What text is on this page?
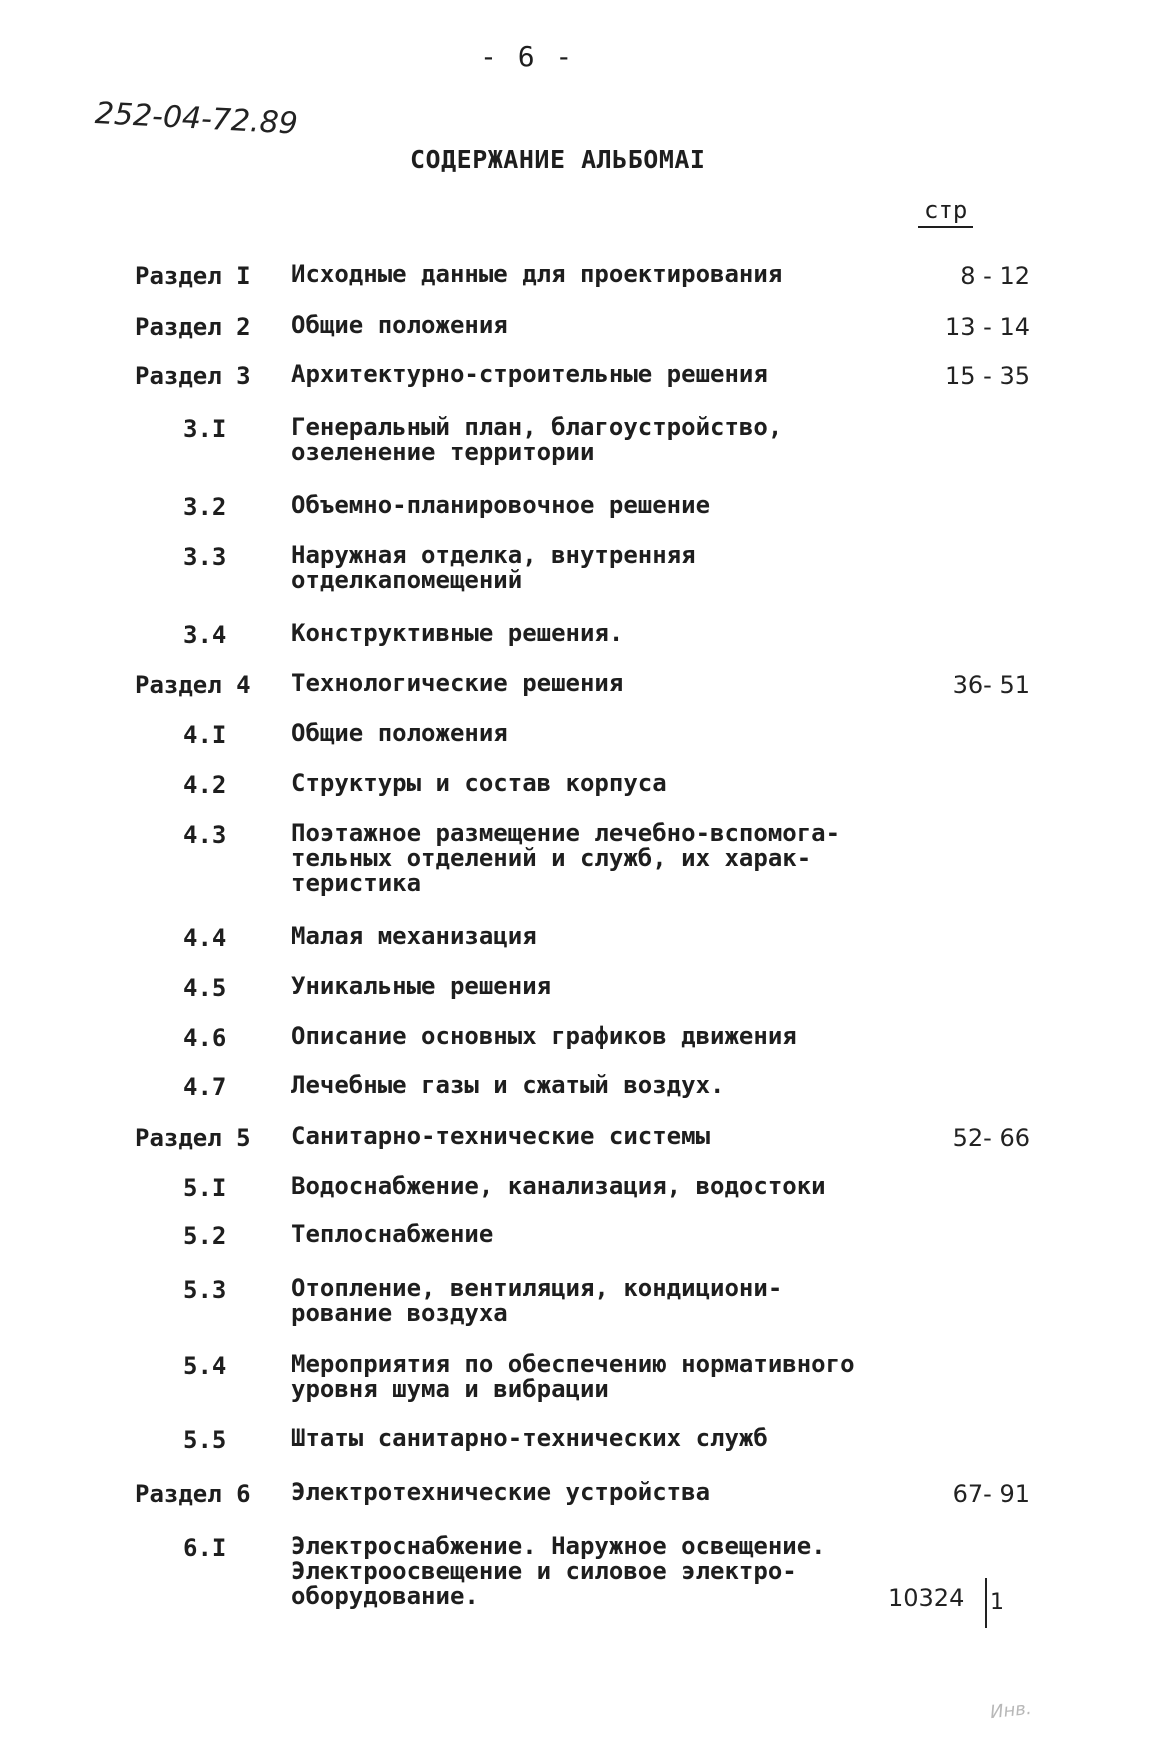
- 6 -
252-04-72.89
СОДЕРЖАНИЕ АЛЬБОМАI
стр
Раздел I Исходные данные для проектирования	8 - 12
Раздел 2 Общие положения	13 - 14
Раздел 3 Архитектурно-строительные решения	15 - 35
3.I	Генеральный план, благоустройство,
озеленение территории
3.2	Объемно-планировочное решение
3.3	Наружная отделка, внутренняя
отделкапомещений
3.4	Конструктивные решения.
Раздел 4 Технологические решения	36- 51
4.I	Общие положения
4.2	Структуры и состав корпуса
4.3	Поэтажное размещение лечебно-вспомога-
тельных отделений и служб, их харак-
теристика
4.4	Малая механизация
4.5	Уникальные решения
4.6	Описание основных графиков движения
4.7	Лечебные газы и сжатый воздух.
Раздел 5 Санитарно-технические системы	52- 66
5.I	Водоснабжение, канализация, водостоки
5.2	Теплоснабжение
5.3	Отопление, вентиляция, кондициони-
рование воздуха
5.4	Мероприятия по обеспечению нормативного
уровня шума и вибрации
5.5	Штаты санитарно-технических служб
Раздел 6 Электротехнические устройства	67- 91
6.I	Электроснабжение. Наружное освещение.
Электроосвещение и силовое электро-
оборудование.	10324 1
Инв.
